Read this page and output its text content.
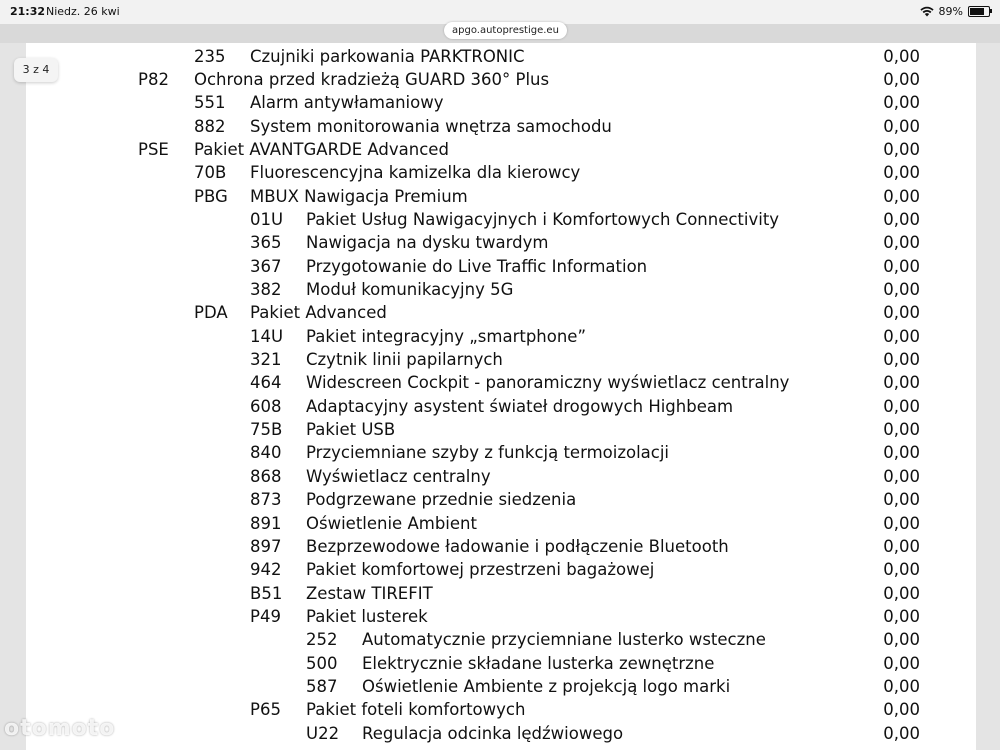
21:32 Niedz. 26 kwi	89%
apgo.autoprestige.eu
235 Czujniki parkowania PARKTRONIC	0,00
P82 Ochrona przed kradzieżą GUARD 360° Plus	0,00
551 Alarm antywłamaniowy	0,00
882 System monitorowania wnętrza samochodu	0,00
PSE Pakiet AVANTGARDE Advanced	0,00
70B Fluorescencyjna kamizelka dla kierowcy	0,00
PBG MBUX Nawigacja Premium	0,00
01U Pakiet Usług Nawigacyjnych i Komfortowych Connectivity	0,00
365 Nawigacja na dysku twardym	0,00
367 Przygotowanie do Live Traffic Information	0,00
382 Moduł komunikacyjny 5G	0,00
PDA Pakiet Advanced	0,00
14U Pakiet integracyjny „smartphone”	0,00
321 Czytnik linii papilarnych	0,00
464 Widescreen Cockpit - panoramiczny wyświetlacz centralny	0,00
608 Adaptacyjny asystent świateł drogowych Highbeam	0,00
75B Pakiet USB	0,00
840 Przyciemniane szyby z funkcją termoizolacji	0,00
868 Wyświetlacz centralny	0,00
873 Podgrzewane przednie siedzenia	0,00
891 Oświetlenie Ambient	0,00
897 Bezprzewodowe ładowanie i podłączenie Bluetooth	0,00
942 Pakiet komfortowej przestrzeni bagażowej	0,00
B51 Zestaw TIREFIT	0,00
P49 Pakiet lusterek	0,00
252 Automatycznie przyciemniane lusterko wsteczne	0,00
500 Elektrycznie składane lusterka zewnętrzne	0,00
587 Oświetlenie Ambiente z projekcją logo marki	0,00
P65 Pakiet foteli komfortowych	0,00
U22 Regulacja odcinka lędźwiowego	0,00
3 z 4
otomoto
